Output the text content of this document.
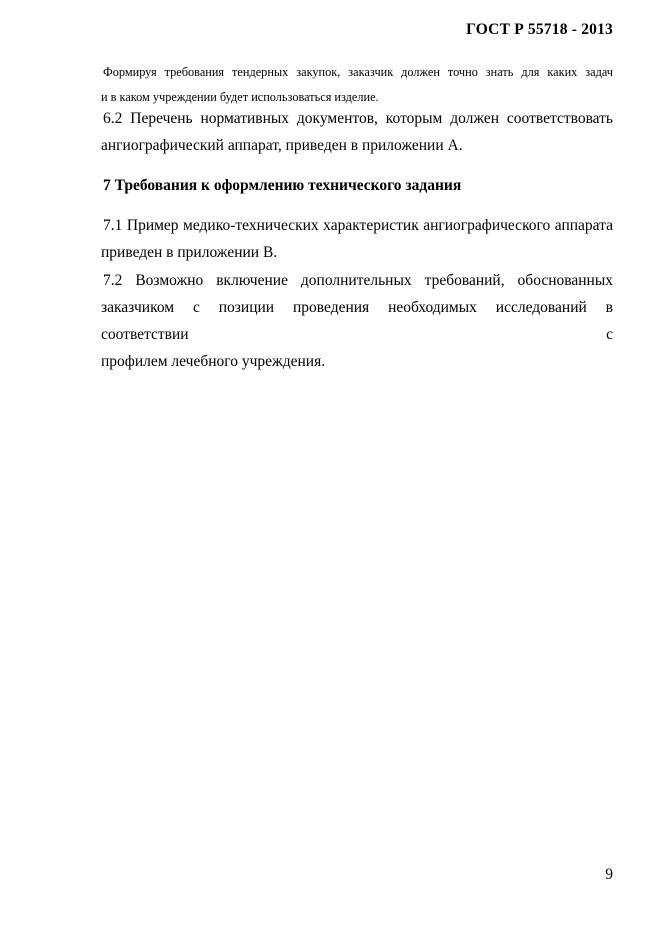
ГОСТ Р 55718 - 2013
Формируя требования тендерных закупок, заказчик должен точно знать для каких задач
и в каком учреждении будет использоваться изделие.
6.2 Перечень нормативных документов, которым должен соответствовать
ангиографический аппарат, приведен в приложении А.
7 Требования к оформлению технического задания
7.1 Пример медико-технических характеристик ангиографического аппарата
приведен в приложении В.
7.2 Возможно включение дополнительных требований, обоснованных
заказчиком с позиции проведения необходимых исследований в соответствии с
профилем лечебного учреждения.
9
